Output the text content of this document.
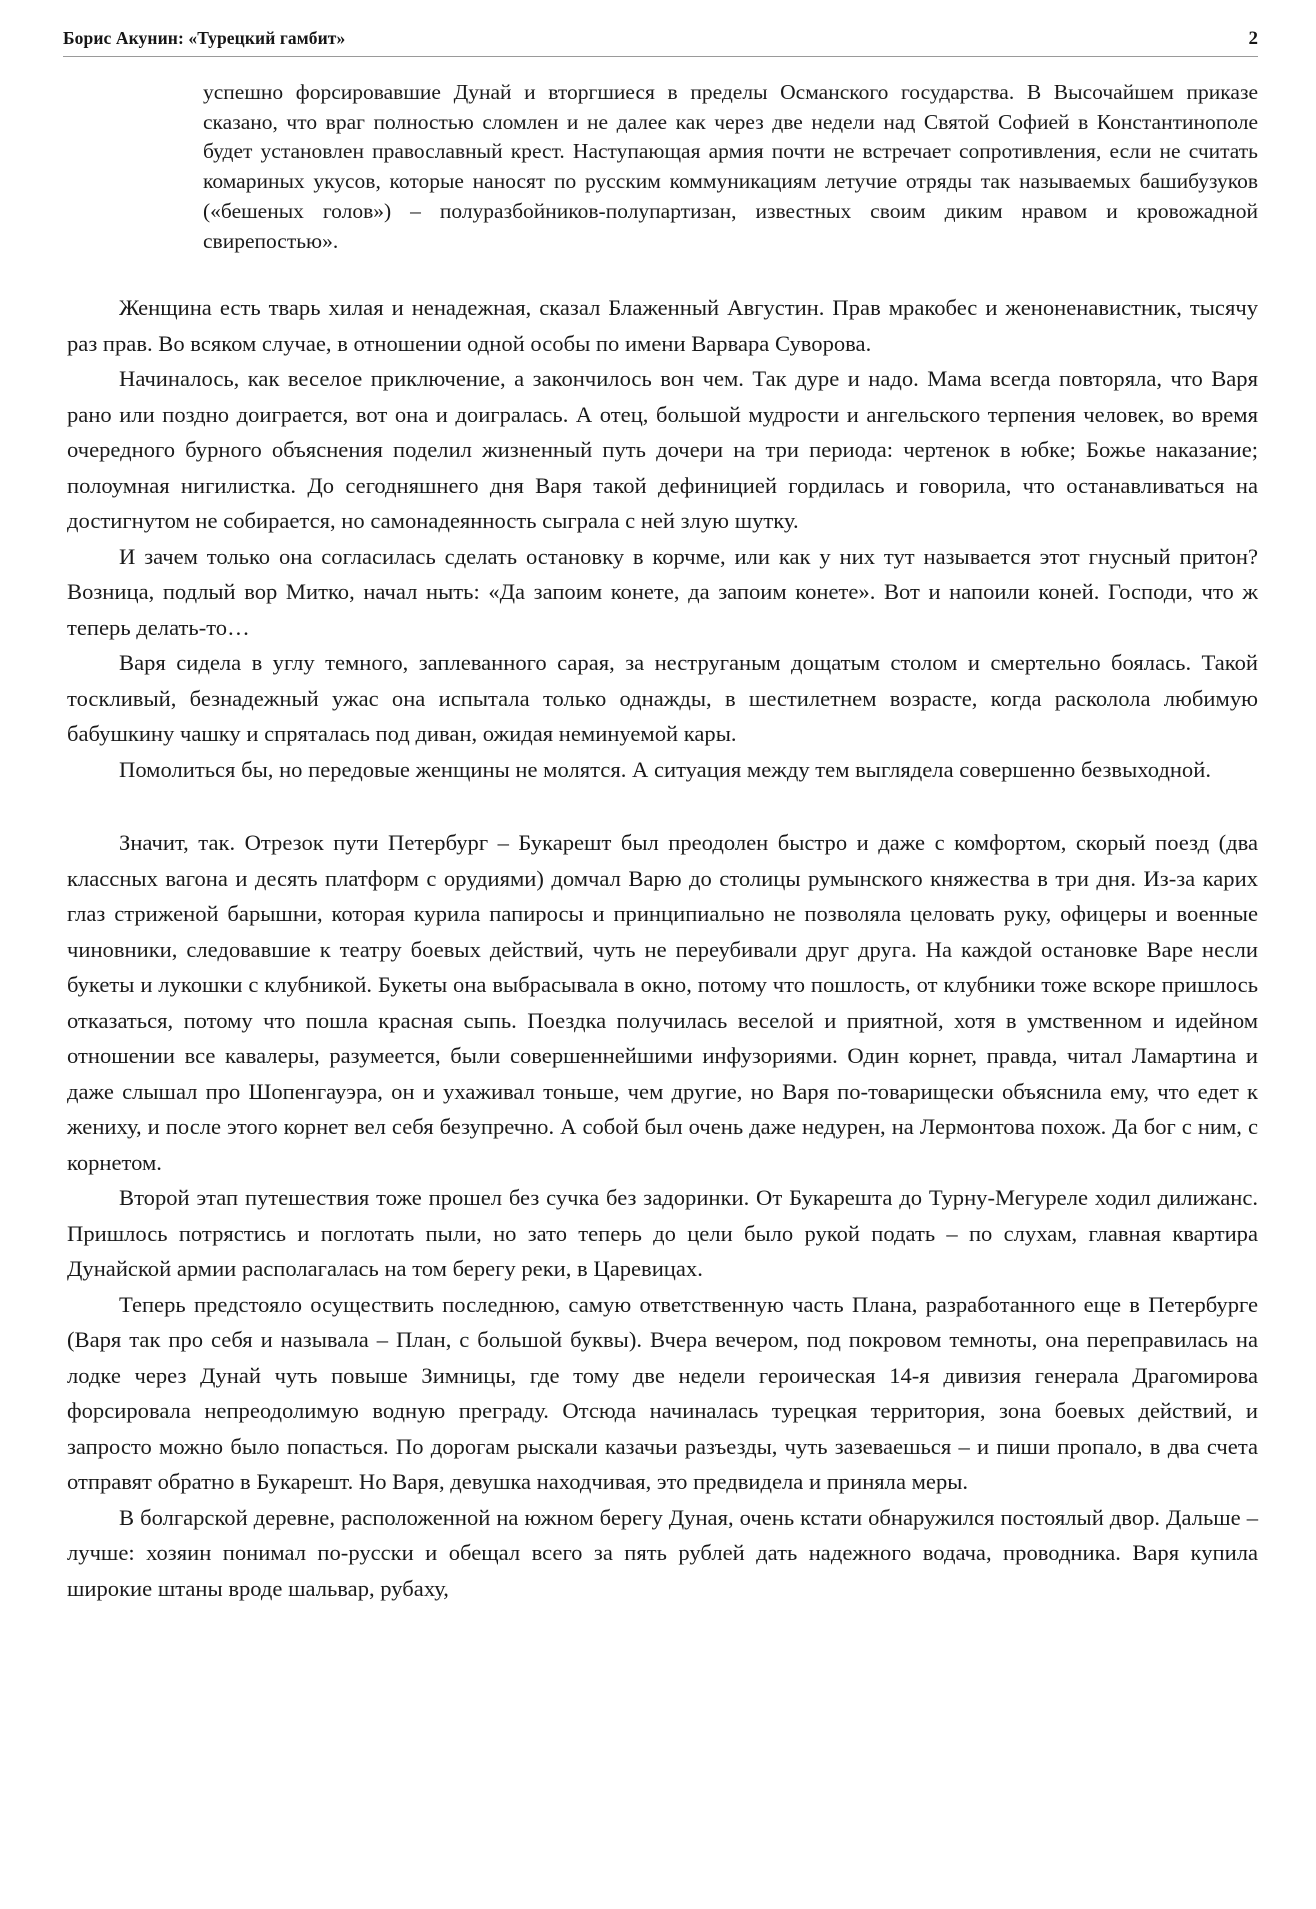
Борис Акунин: «Турецкий гамбит»	2

успешно форсировавшие Дунай и вторгшиеся в пределы Османского государства. В Высочайшем приказе сказано, что враг полностью сломлен и не далее как через две недели над Святой Софией в Константинополе будет установлен православный крест. Наступающая армия почти не встречает сопротивления, если не считать комариных укусов, которые наносят по русским коммуникациям летучие отряды так называемых башибузуков («бешеных голов») – полуразбойников-полупартизан, известных своим диким нравом и кровожадной свирепостью».

Женщина есть тварь хилая и ненадежная, сказал Блаженный Августин. Прав мракобес и женоненавистник, тысячу раз прав. Во всяком случае, в отношении одной особы по имени Варвара Суворова.

Начиналось, как веселое приключение, а закончилось вон чем. Так дуре и надо. Мама всегда повторяла, что Варя рано или поздно доиграется, вот она и доигралась. А отец, большой мудрости и ангельского терпения человек, во время очередного бурного объяснения поделил жизненный путь дочери на три периода: чертенок в юбке; Божье наказание; полоумная нигилистка. До сегодняшнего дня Варя такой дефиницией гордилась и говорила, что останавливаться на достигнутом не собирается, но самонадеянность сыграла с ней злую шутку.

И зачем только она согласилась сделать остановку в корчме, или как у них тут называется этот гнусный притон? Возница, подлый вор Митко, начал ныть: «Да запоим конете, да запоим конете». Вот и напоили коней. Господи, что ж теперь делать-то…

Варя сидела в углу темного, заплеванного сарая, за неструганым дощатым столом и смертельно боялась. Такой тоскливый, безнадежный ужас она испытала только однажды, в шестилетнем возрасте, когда расколола любимую бабушкину чашку и спряталась под диван, ожидая неминуемой кары.

Помолиться бы, но передовые женщины не молятся. А ситуация между тем выглядела совершенно безвыходной.

Значит, так. Отрезок пути Петербург – Букарешт был преодолен быстро и даже с комфортом, скорый поезд (два классных вагона и десять платформ с орудиями) домчал Варю до столицы румынского княжества в три дня. Из-за карих глаз стриженой барышни, которая курила папиросы и принципиально не позволяла целовать руку, офицеры и военные чиновники, следовавшие к театру боевых действий, чуть не переубивали друг друга. На каждой остановке Варе несли букеты и лукошки с клубникой. Букеты она выбрасывала в окно, потому что пошлость, от клубники тоже вскоре пришлось отказаться, потому что пошла красная сыпь. Поездка получилась веселой и приятной, хотя в умственном и идейном отношении все кавалеры, разумеется, были совершеннейшими инфузориями. Один корнет, правда, читал Ламартина и даже слышал про Шопенгауэра, он и ухаживал тоньше, чем другие, но Варя по-товарищески объяснила ему, что едет к жениху, и после этого корнет вел себя безупречно. А собой был очень даже недурен, на Лермонтова похож. Да бог с ним, с корнетом.

Второй этап путешествия тоже прошел без сучка без задоринки. От Букарешта до Турну-Мегуреле ходил дилижанс. Пришлось потрястись и поглотать пыли, но зато теперь до цели было рукой подать – по слухам, главная квартира Дунайской армии располагалась на том берегу реки, в Царевицах.

Теперь предстояло осуществить последнюю, самую ответственную часть Плана, разработанного еще в Петербурге (Варя так про себя и называла – План, с большой буквы). Вчера вечером, под покровом темноты, она переправилась на лодке через Дунай чуть повыше Зимницы, где тому две недели героическая 14-я дивизия генерала Драгомирова форсировала непреодолимую водную преграду. Отсюда начиналась турецкая территория, зона боевых действий, и запросто можно было попасться. По дорогам рыскали казачьи разъезды, чуть зазеваешься – и пиши пропало, в два счета отправят обратно в Букарешт. Но Варя, девушка находчивая, это предвидела и приняла меры.

В болгарской деревне, расположенной на южном берегу Дуная, очень кстати обнаружился постоялый двор. Дальше – лучше: хозяин понимал по-русски и обещал всего за пять рублей дать надежного водача, проводника. Варя купила широкие штаны вроде шальвар, рубаху,
